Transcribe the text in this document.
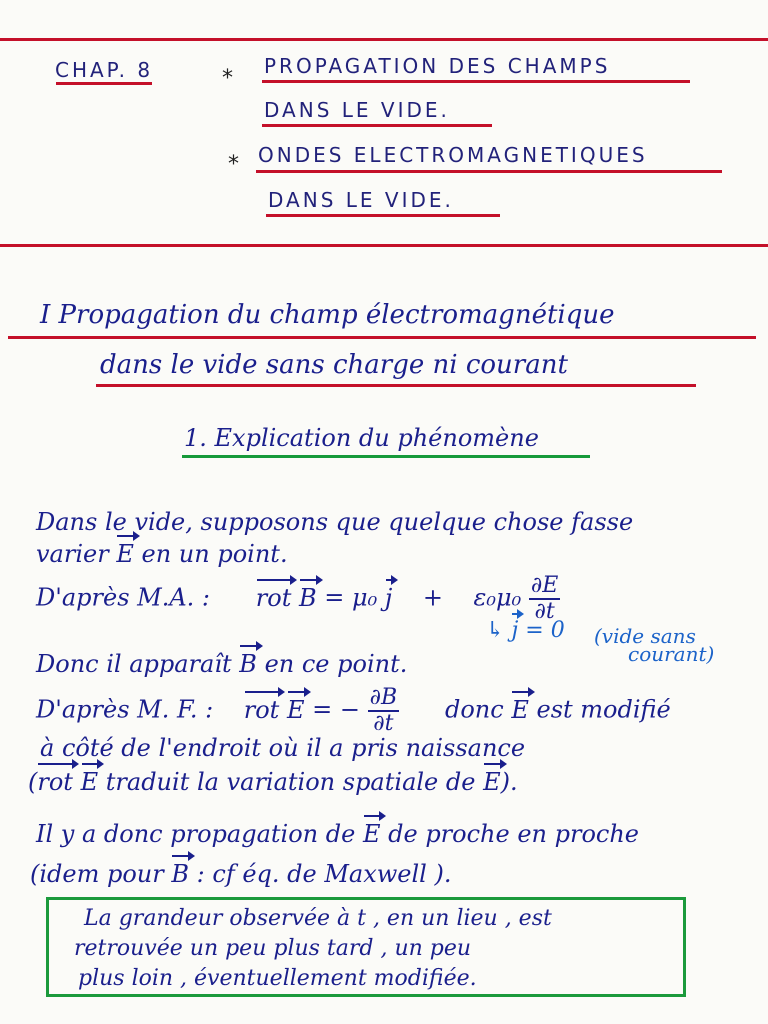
CHAP. 8	* PROPAGATION DES CHAMPS
DANS LE VIDE.
* ONDES ELECTROMAGNETIQUES
DANS LE VIDE.
I Propagation du champ électromagnétique
dans le vide sans charge ni courant
1. Explication du phénomène
Dans le vide, supposons que quelque chose fasse
varier E en un point.
D'après M.A. : rot B = μ₀ $j + \varepsilon_0\mu_0 \frac{\partial E}{\partial t}$
↳ j = 0 (vide sans
courant)
Donc il apparaît B en ce point.
D'après M. F. : rot E = − $\frac{\partial B}{\partial t}$ donc E est modifié
à côté de l'endroit où il a pris naissance
(rot E traduit la variation spatiale de E).
Il y a donc propagation de E de proche en proche
(idem pour B : cf éq. de Maxwell ).
La grandeur observée à t , en un lieu , est
retrouvée un peu plus tard , un peu
plus loin , éventuellement modifiée.
